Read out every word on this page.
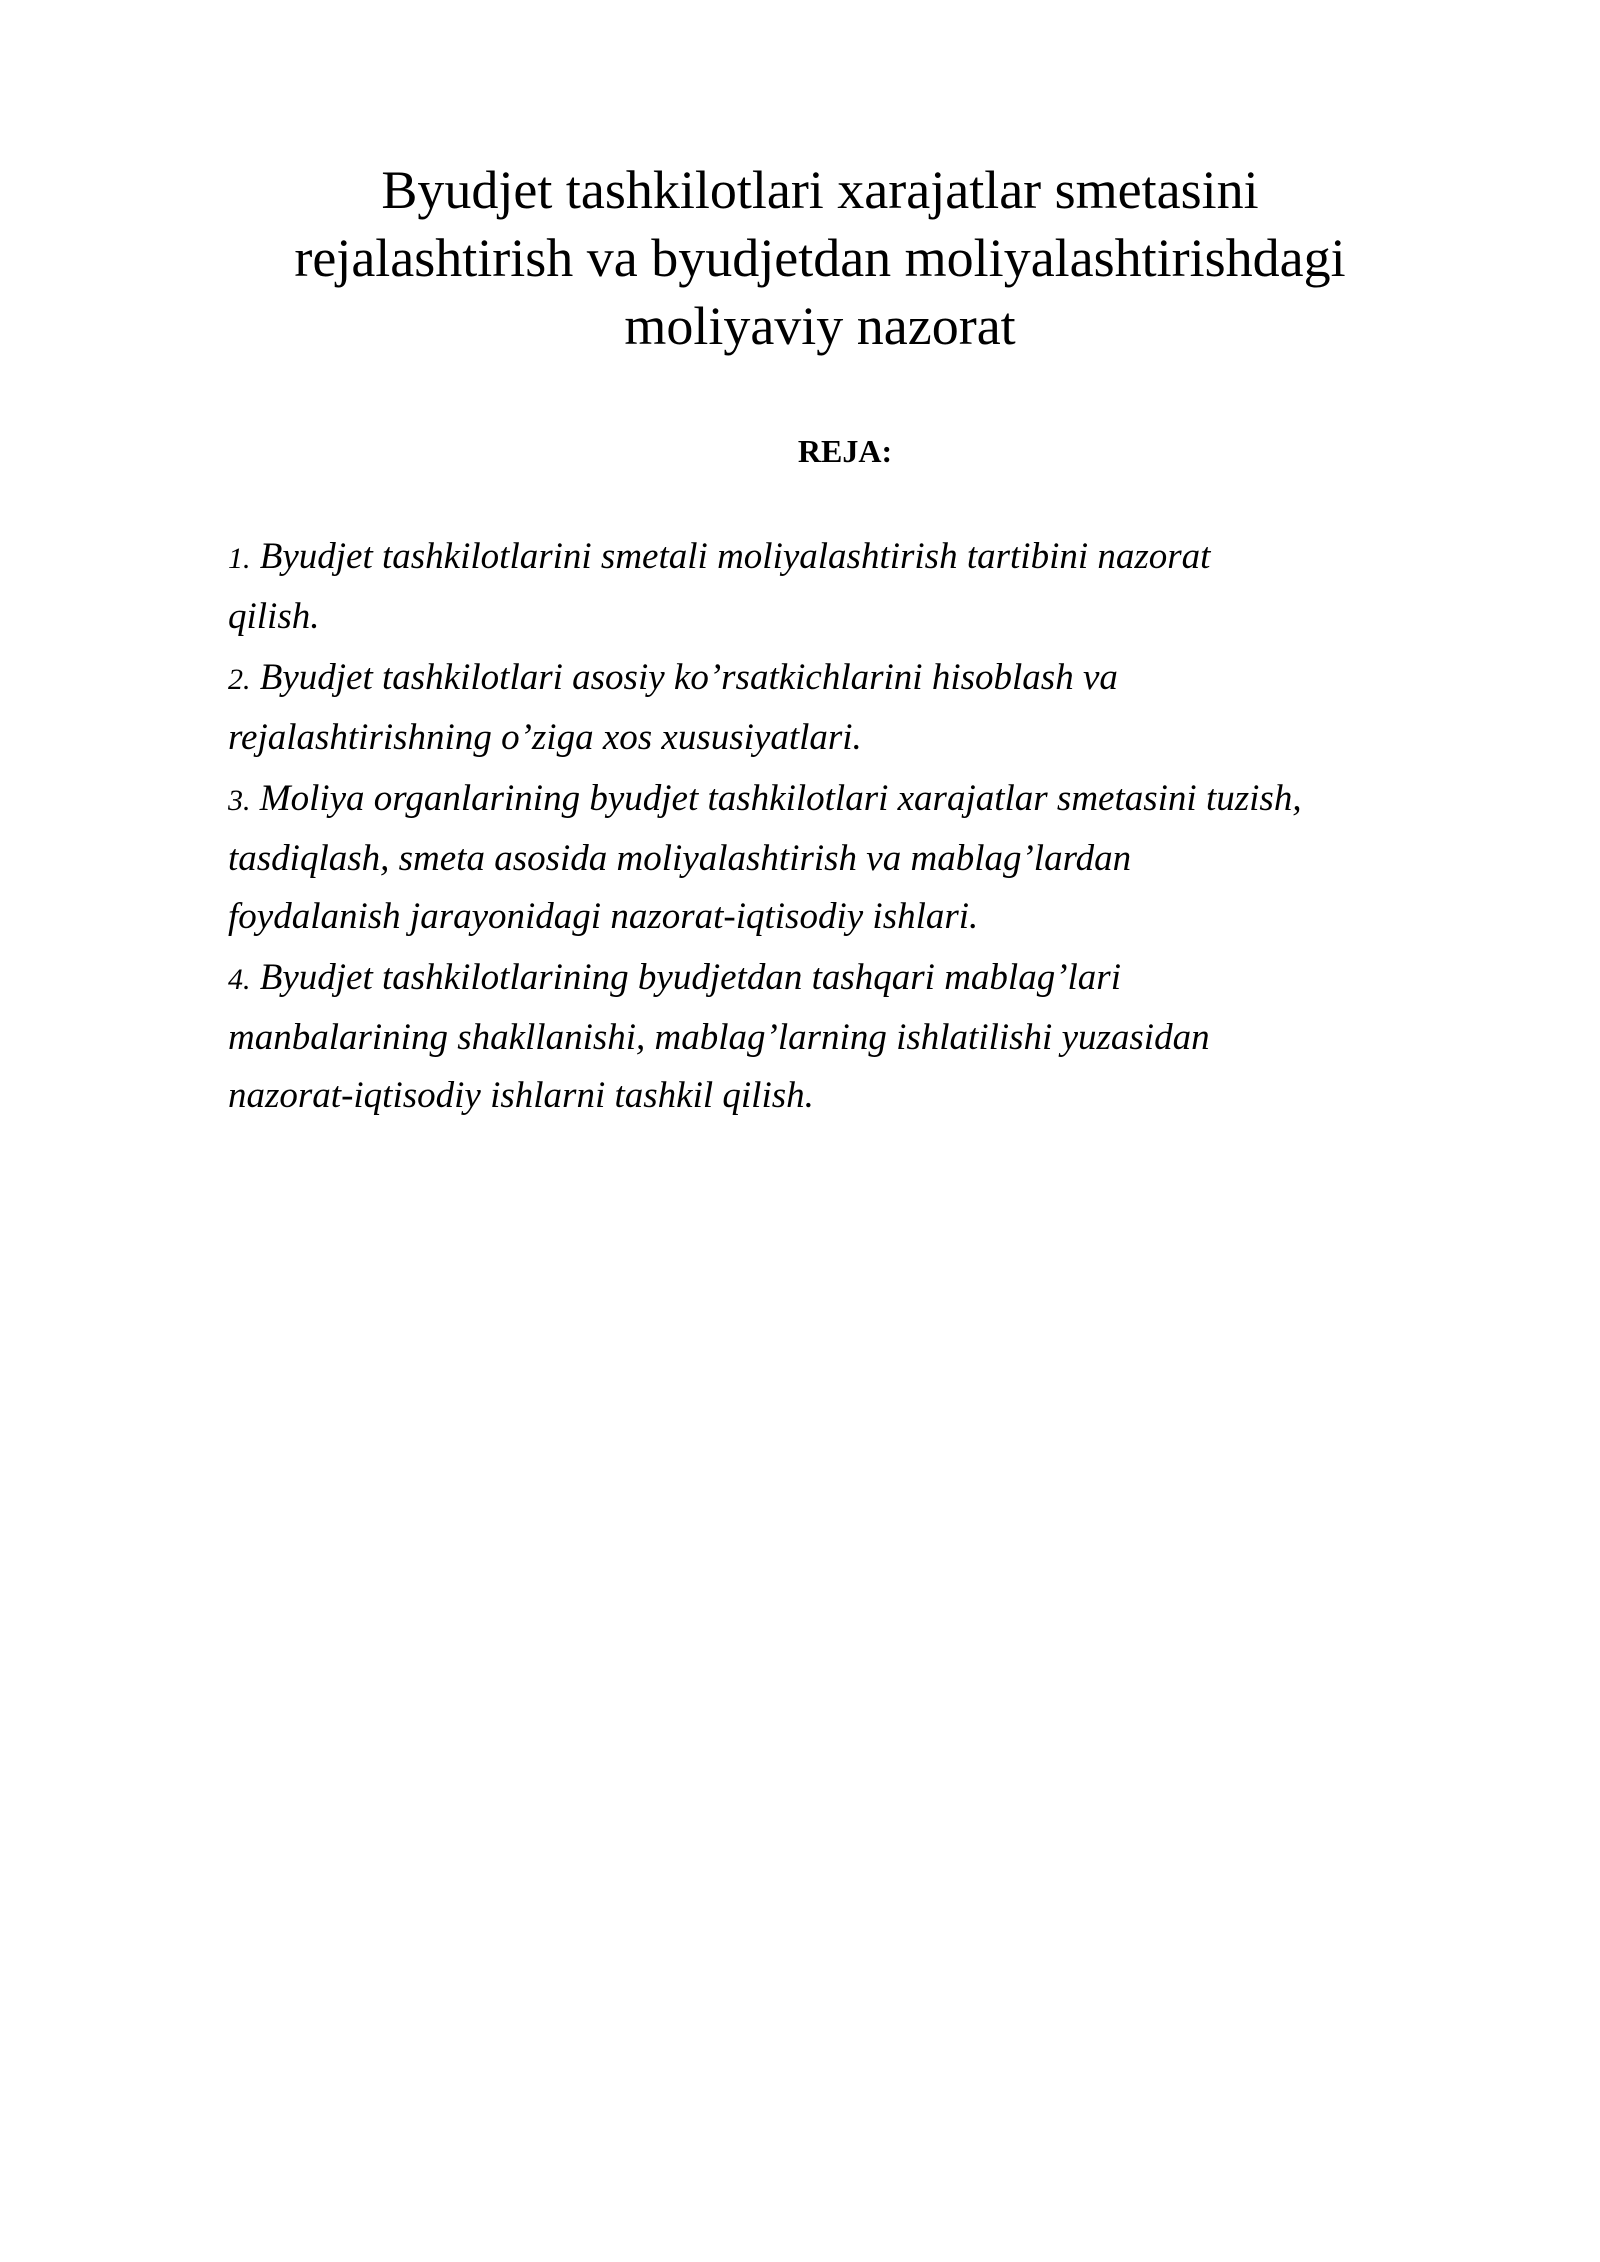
Byudjet tashkilotlari xarajatlar smetasini
rejalashtirish va byudjetdan moliyalashtirishdagi
moliyaviy nazorat
REJA:
1. Byudjet tashkilotlarini smetali moliyalashtirish tartibini nazorat
qilish.
2. Byudjet tashkilotlari asosiy ko’rsatkichlarini hisoblash va
rejalashtirishning o’ziga xos xususiyatlari.
3. Moliya organlarining byudjet tashkilotlari xarajatlar smetasini tuzish,
tasdiqlash, smeta asosida moliyalashtirish va mablag’lardan
foydalanish jarayonidagi nazorat-iqtisodiy ishlari.
4. Byudjet tashkilotlarining byudjetdan tashqari mablag’lari
manbalarining shakllanishi, mablag’larning ishlatilishi yuzasidan
nazorat-iqtisodiy ishlarni tashkil qilish.
